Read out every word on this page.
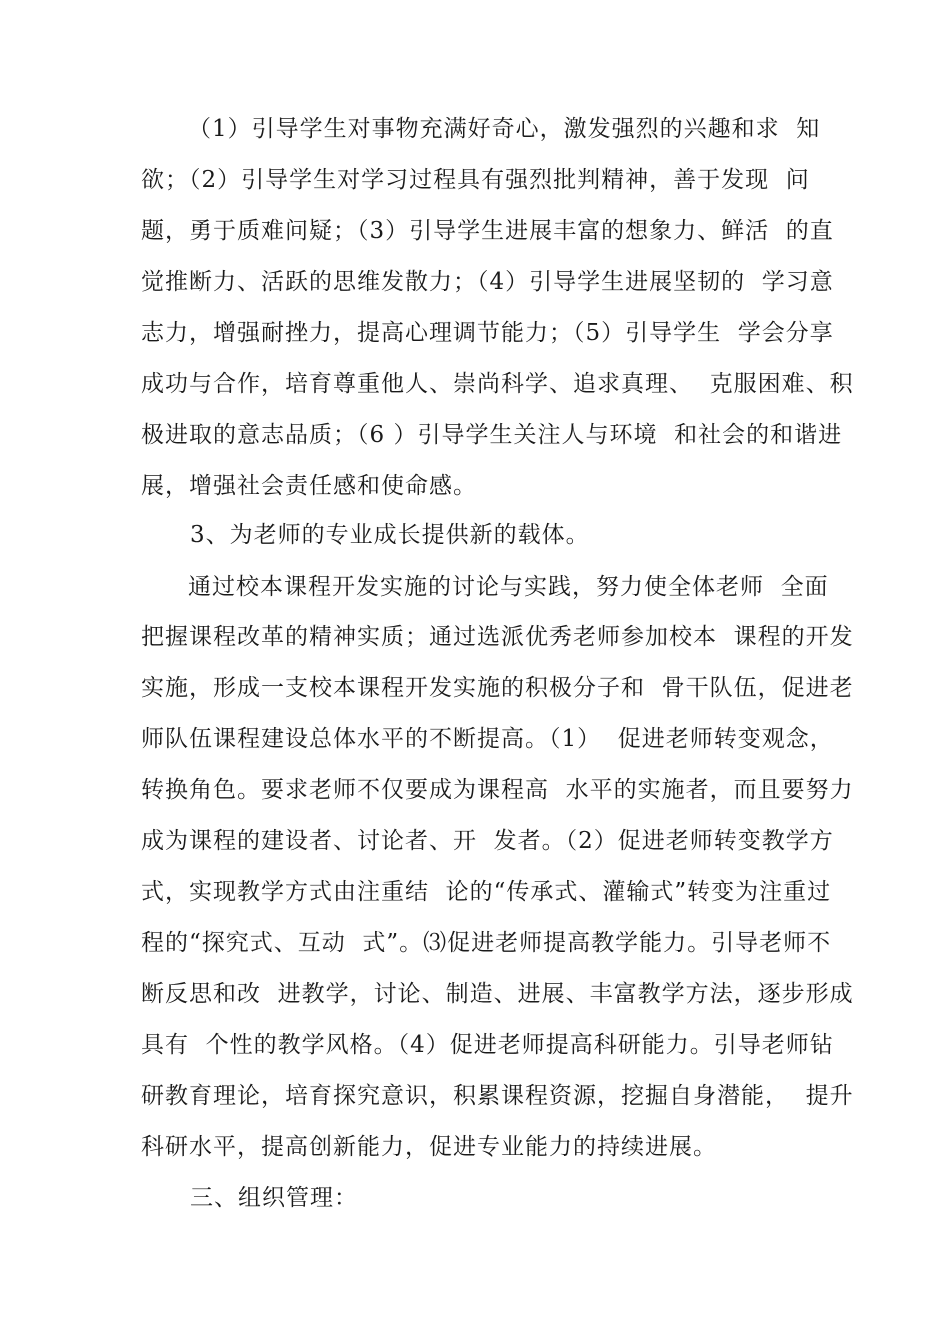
（1）引导学生对事物充满好奇心，激发强烈的兴趣和求  知
欲；（2）引导学生对学习过程具有强烈批判精神，善于发现  问
题，勇于质难问疑；（3）引导学生进展丰富的想象力、鲜活  的直
觉推断力、活跃的思维发散力；（4）引导学生进展坚韧的  学习意
志力，增强耐挫力，提高心理调节能力；（5）引导学生  学会分享
成功与合作，培育尊重他人、崇尚科学、追求真理、  克服困难、积
极进取的意志品质；（6 ）引导学生关注人与环境  和社会的和谐进
展，增强社会责任感和使命感。
3、为老师的专业成长提供新的载体。
通过校本课程开发实施的讨论与实践，努力使全体老师  全面
把握课程改革的精神实质；通过选派优秀老师参加校本  课程的开发
实施，形成一支校本课程开发实施的积极分子和  骨干队伍，促进老
师队伍课程建设总体水平的不断提高。（1）  促进老师转变观念，
转换角色。要求老师不仅要成为课程高  水平的实施者，而且要努力
成为课程的建设者、讨论者、开  发者。（2）促进老师转变教学方
式，实现教学方式由注重结  论的“传承式、灌输式”转变为注重过
程的“探究式、互动  式”。⑶促进老师提高教学能力。引导老师不
断反思和改  进教学，讨论、制造、进展、丰富教学方法，逐步形成
具有  个性的教学风格。（4）促进老师提高科研能力。引导老师钻
研教育理论，培育探究意识，积累课程资源，挖掘自身潜能，  提升
科研水平，提高创新能力，促进专业能力的持续进展。
三、组织管理：
